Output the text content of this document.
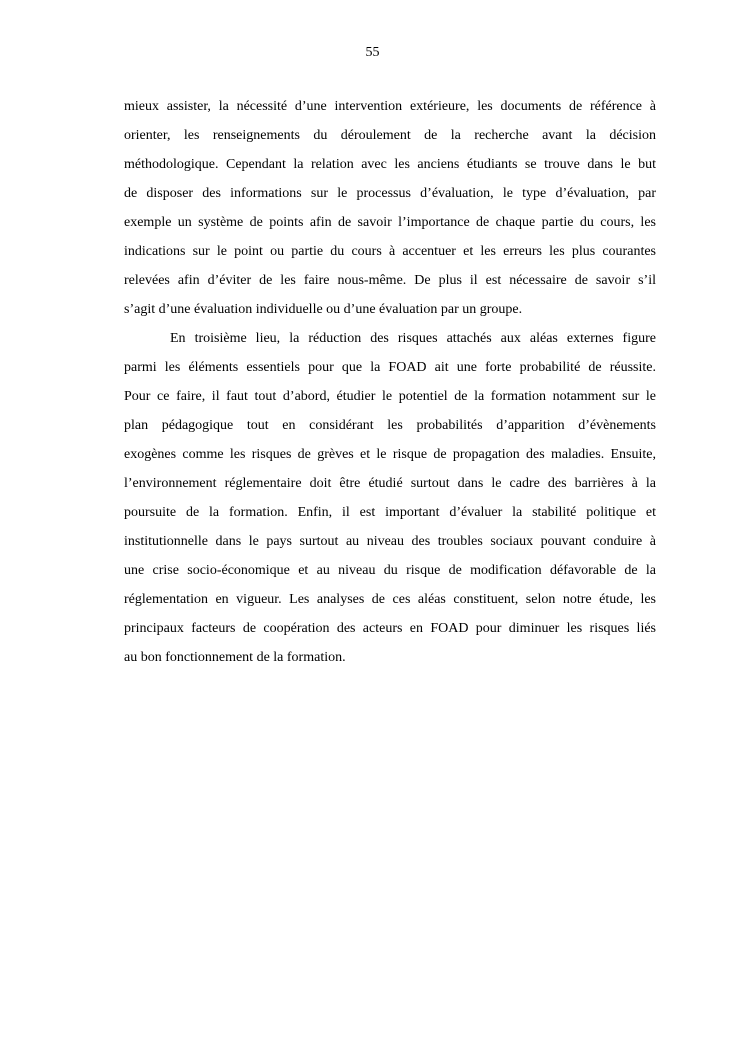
55
mieux assister, la nécessité d’une intervention extérieure, les documents de référence à
orienter, les renseignements du déroulement de la recherche avant la décision
méthodologique. Cependant la relation avec les anciens étudiants se trouve dans le but
de disposer des informations sur le processus d’évaluation, le type d’évaluation, par
exemple un système de points afin de savoir l’importance de chaque partie du cours, les
indications sur le point ou partie du cours à accentuer et les erreurs les plus courantes
relevées afin d’éviter de les faire nous-même. De plus il est nécessaire de savoir s’il
s’agit d’une évaluation individuelle ou d’une évaluation par un groupe.
En troisième lieu, la réduction des risques attachés aux aléas externes figure
parmi les éléments essentiels pour que la FOAD ait une forte probabilité de réussite.
Pour ce faire, il faut tout d’abord, étudier le potentiel de la formation notamment sur le
plan pédagogique tout en considérant les probabilités d’apparition d’évènements
exogènes comme les risques de grèves et le risque de propagation des maladies. Ensuite,
l’environnement réglementaire doit être étudié surtout dans le cadre des barrières à la
poursuite de la formation. Enfin, il est important d’évaluer la stabilité politique et
institutionnelle dans le pays surtout au niveau des troubles sociaux pouvant conduire à
une crise socio-économique et au niveau du risque de modification défavorable de la
réglementation en vigueur. Les analyses de ces aléas constituent, selon notre étude, les
principaux facteurs de coopération des acteurs en FOAD pour diminuer les risques liés
au bon fonctionnement de la formation.
